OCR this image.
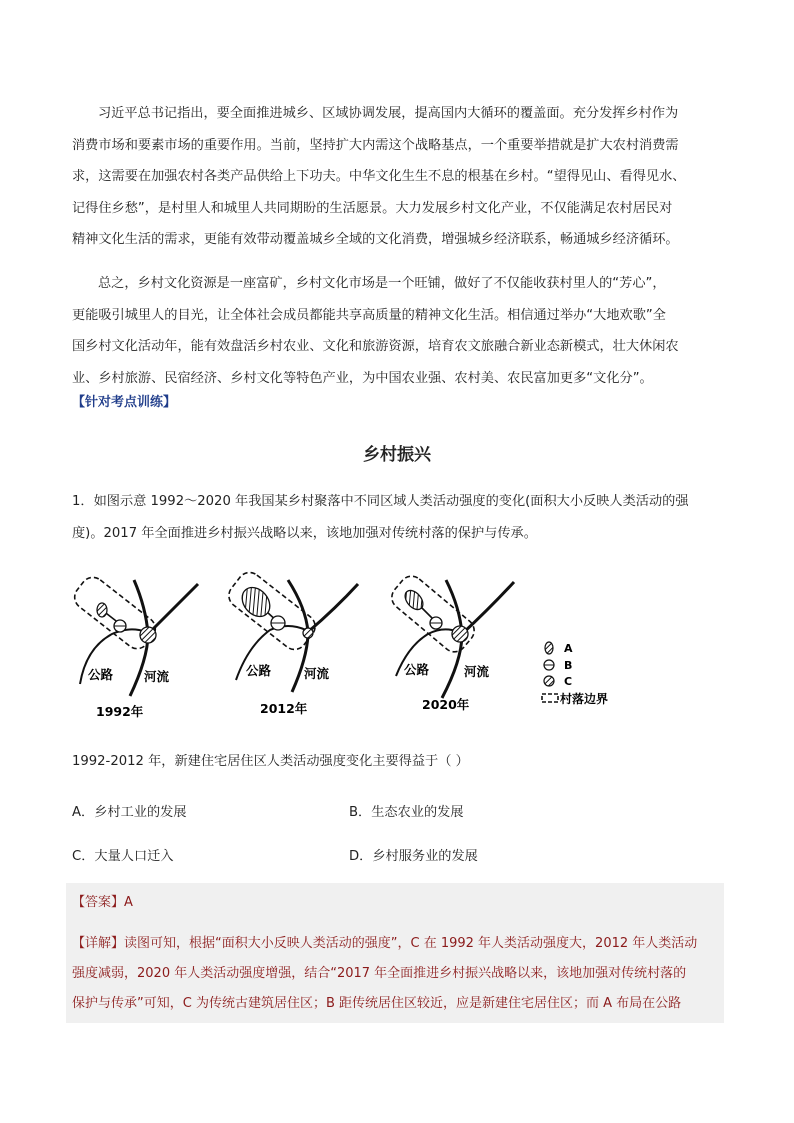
习近平总书记指出，要全面推进城乡、区域协调发展，提高国内大循环的覆盖面。充分发挥乡村作为
消费市场和要素市场的重要作用。当前，坚持扩大内需这个战略基点，一个重要举措就是扩大农村消费需
求，这需要在加强农村各类产品供给上下功夫。中华文化生生不息的根基在乡村。“望得见山、看得见水、
记得住乡愁”，是村里人和城里人共同期盼的生活愿景。大力发展乡村文化产业，不仅能满足农村居民对
精神文化生活的需求，更能有效带动覆盖城乡全域的文化消费，增强城乡经济联系，畅通城乡经济循环。
总之，乡村文化资源是一座富矿，乡村文化市场是一个旺铺，做好了不仅能收获村里人的“芳心”，
更能吸引城里人的目光，让全体社会成员都能共享高质量的精神文化生活。相信通过举办“大地欢歌”全
国乡村文化活动年，能有效盘活乡村农业、文化和旅游资源，培育农文旅融合新业态新模式，壮大休闲农
业、乡村旅游、民宿经济、乡村文化等特色产业，为中国农业强、农村美、农民富加更多“文化分”。
【针对考点训练】
乡村振兴
1．如图示意 1992～2020 年我国某乡村聚落中不同区域人类活动强度的变化(面积大小反映人类活动的强
度)。2017 年全面推进乡村振兴战略以来，该地加强对传统村落的保护与传承。
公路 河流
1992年
公路	河流
2012年
公路	河流
2020年
A
B
C
村落边界
1992-2012 年，新建住宅居住区人类活动强度变化主要得益于（ ）
A．乡村工业的发展	B．生态农业的发展
C．大量人口迁入	D．乡村服务业的发展
【答案】A
【详解】读图可知，根据“面积大小反映人类活动的强度”，C 在 1992 年人类活动强度大，2012 年人类活动
强度减弱，2020 年人类活动强度增强，结合“2017 年全面推进乡村振兴战略以来，该地加强对传统村落的
保护与传承”可知，C 为传统古建筑居住区；B 距传统居住区较近，应是新建住宅居住区；而 A 布局在公路
